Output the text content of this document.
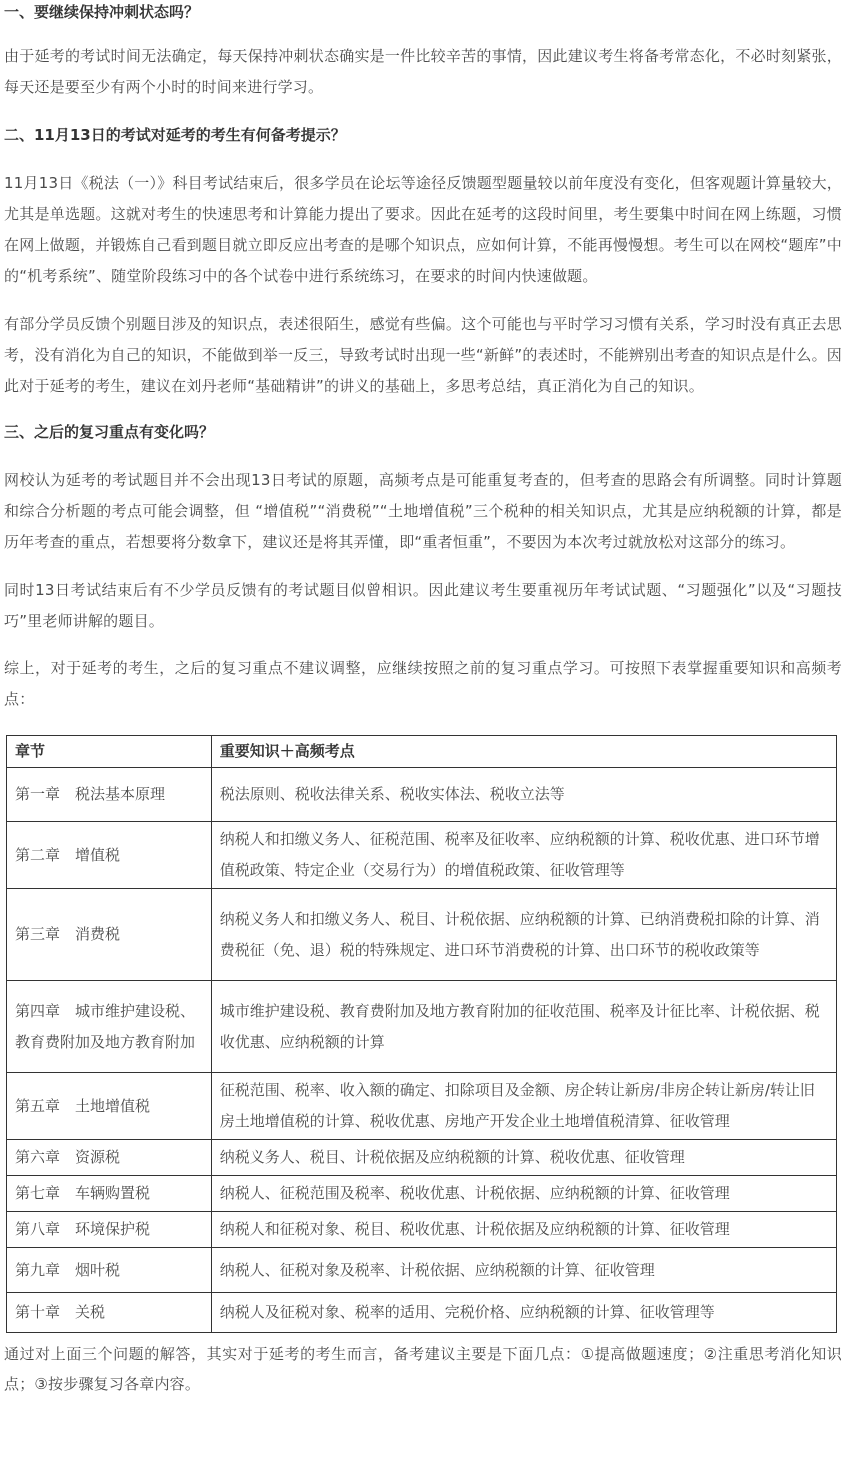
一、要继续保持冲刺状态吗？

由于延考的考试时间无法确定，每天保持冲刺状态确实是一件比较辛苦的事情，因此建议考生将备考常态化，不必时刻紧张，每天还是要至少有两个小时的时间来进行学习。

二、11月13日的考试对延考的考生有何备考提示？

11月13日《税法（一）》科目考试结束后，很多学员在论坛等途径反馈题型题量较以前年度没有变化，但客观题计算量较大，尤其是单选题。这就对考生的快速思考和计算能力提出了要求。因此在延考的这段时间里，考生要集中时间在网上练题，习惯在网上做题，并锻炼自己看到题目就立即反应出考查的是哪个知识点，应如何计算，不能再慢慢想。考生可以在网校“题库”中的“机考系统”、随堂阶段练习中的各个试卷中进行系统练习，在要求的时间内快速做题。

有部分学员反馈个别题目涉及的知识点，表述很陌生，感觉有些偏。这个可能也与平时学习习惯有关系，学习时没有真正去思考，没有消化为自己的知识，不能做到举一反三，导致考试时出现一些“新鲜”的表述时，不能辨别出考查的知识点是什么。因此对于延考的考生，建议在刘丹老师“基础精讲”的讲义的基础上，多思考总结，真正消化为自己的知识。

三、之后的复习重点有变化吗？

网校认为延考的考试题目并不会出现13日考试的原题，高频考点是可能重复考查的，但考查的思路会有所调整。同时计算题和综合分析题的考点可能会调整，但 “增值税”“消费税”“土地增值税”三个税种的相关知识点，尤其是应纳税额的计算，都是历年考查的重点，若想要将分数拿下，建议还是将其弄懂，即“重者恒重”，不要因为本次考过就放松对这部分的练习。

同时13日考试结束后有不少学员反馈有的考试题目似曾相识。因此建议考生要重视历年考试试题、“习题强化”以及“习题技巧”里老师讲解的题目。

综上，对于延考的考生，之后的复习重点不建议调整，应继续按照之前的复习重点学习。可按照下表掌握重要知识和高频考点：

章节	重要知识＋高频考点
第一章　税法基本原理	税法原则、税收法律关系、税收实体法、税收立法等
第二章　增值税	纳税人和扣缴义务人、征税范围、税率及征收率、应纳税额的计算、税收优惠、进口环节增值税政策、特定企业（交易行为）的增值税政策、征收管理等
第三章　消费税	纳税义务人和扣缴义务人、税目、计税依据、应纳税额的计算、已纳消费税扣除的计算、消费税征（免、退）税的特殊规定、进口环节消费税的计算、出口环节的税收政策等
第四章　城市维护建设税、教育费附加及地方教育附加	城市维护建设税、教育费附加及地方教育附加的征收范围、税率及计征比率、计税依据、税收优惠、应纳税额的计算
第五章　土地增值税	征税范围、税率、收入额的确定、扣除项目及金额、房企转让新房/非房企转让新房/转让旧房土地增值税的计算、税收优惠、房地产开发企业土地增值税清算、征收管理
第六章　资源税	纳税义务人、税目、计税依据及应纳税额的计算、税收优惠、征收管理
第七章　车辆购置税	纳税人、征税范围及税率、税收优惠、计税依据、应纳税额的计算、征收管理
第八章　环境保护税	纳税人和征税对象、税目、税收优惠、计税依据及应纳税额的计算、征收管理
第九章　烟叶税	纳税人、征税对象及税率、计税依据、应纳税额的计算、征收管理
第十章　关税	纳税人及征税对象、税率的适用、完税价格、应纳税额的计算、征收管理等

通过对上面三个问题的解答，其实对于延考的考生而言，备考建议主要是下面几点：①提高做题速度；②注重思考消化知识点；③按步骤复习各章内容。
